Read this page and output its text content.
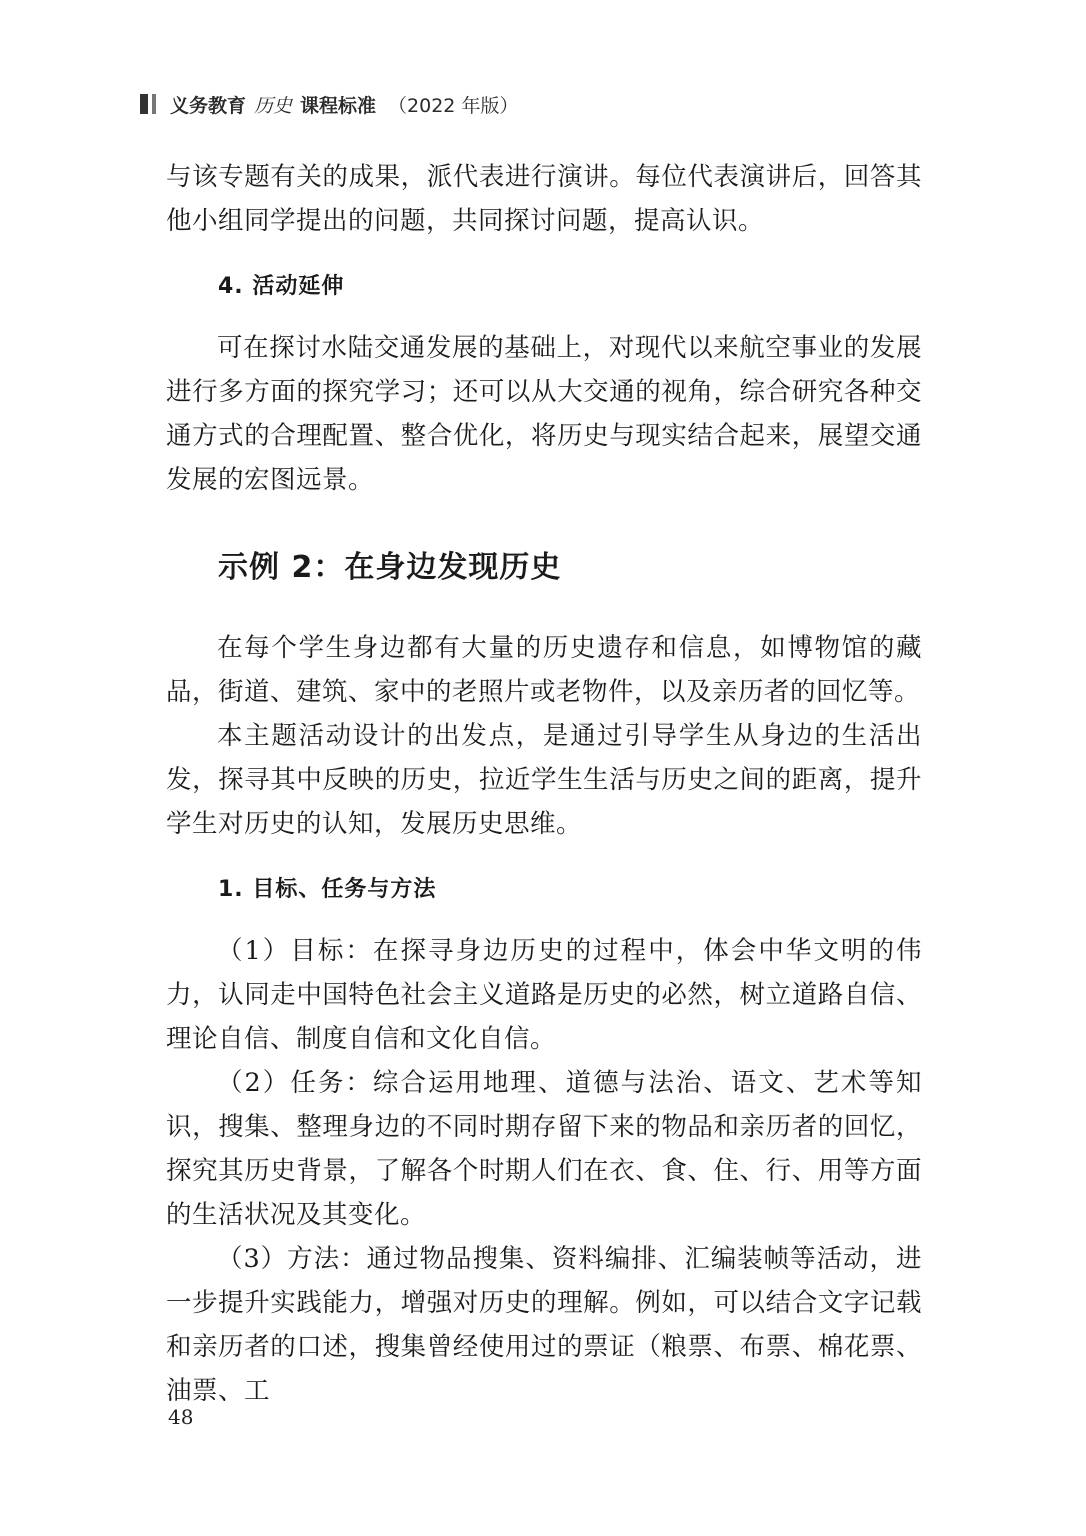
义务教育 历史 课程标准 （2022 年版）

与该专题有关的成果，派代表进行演讲。每位代表演讲后，回答其他小组同学提出的问题，共同探讨问题，提高认识。

4. 活动延伸

可在探讨水陆交通发展的基础上，对现代以来航空事业的发展进行多方面的探究学习；还可以从大交通的视角，综合研究各种交通方式的合理配置、整合优化，将历史与现实结合起来，展望交通发展的宏图远景。

示例 2：在身边发现历史

在每个学生身边都有大量的历史遗存和信息，如博物馆的藏品，街道、建筑、家中的老照片或老物件，以及亲历者的回忆等。

本主题活动设计的出发点，是通过引导学生从身边的生活出发，探寻其中反映的历史，拉近学生生活与历史之间的距离，提升学生对历史的认知，发展历史思维。

1. 目标、任务与方法

（1）目标：在探寻身边历史的过程中，体会中华文明的伟力，认同走中国特色社会主义道路是历史的必然，树立道路自信、理论自信、制度自信和文化自信。

（2）任务：综合运用地理、道德与法治、语文、艺术等知识，搜集、整理身边的不同时期存留下来的物品和亲历者的回忆，探究其历史背景，了解各个时期人们在衣、食、住、行、用等方面的生活状况及其变化。

（3）方法：通过物品搜集、资料编排、汇编装帧等活动，进一步提升实践能力，增强对历史的理解。例如，可以结合文字记载和亲历者的口述，搜集曾经使用过的票证（粮票、布票、棉花票、油票、工

48
